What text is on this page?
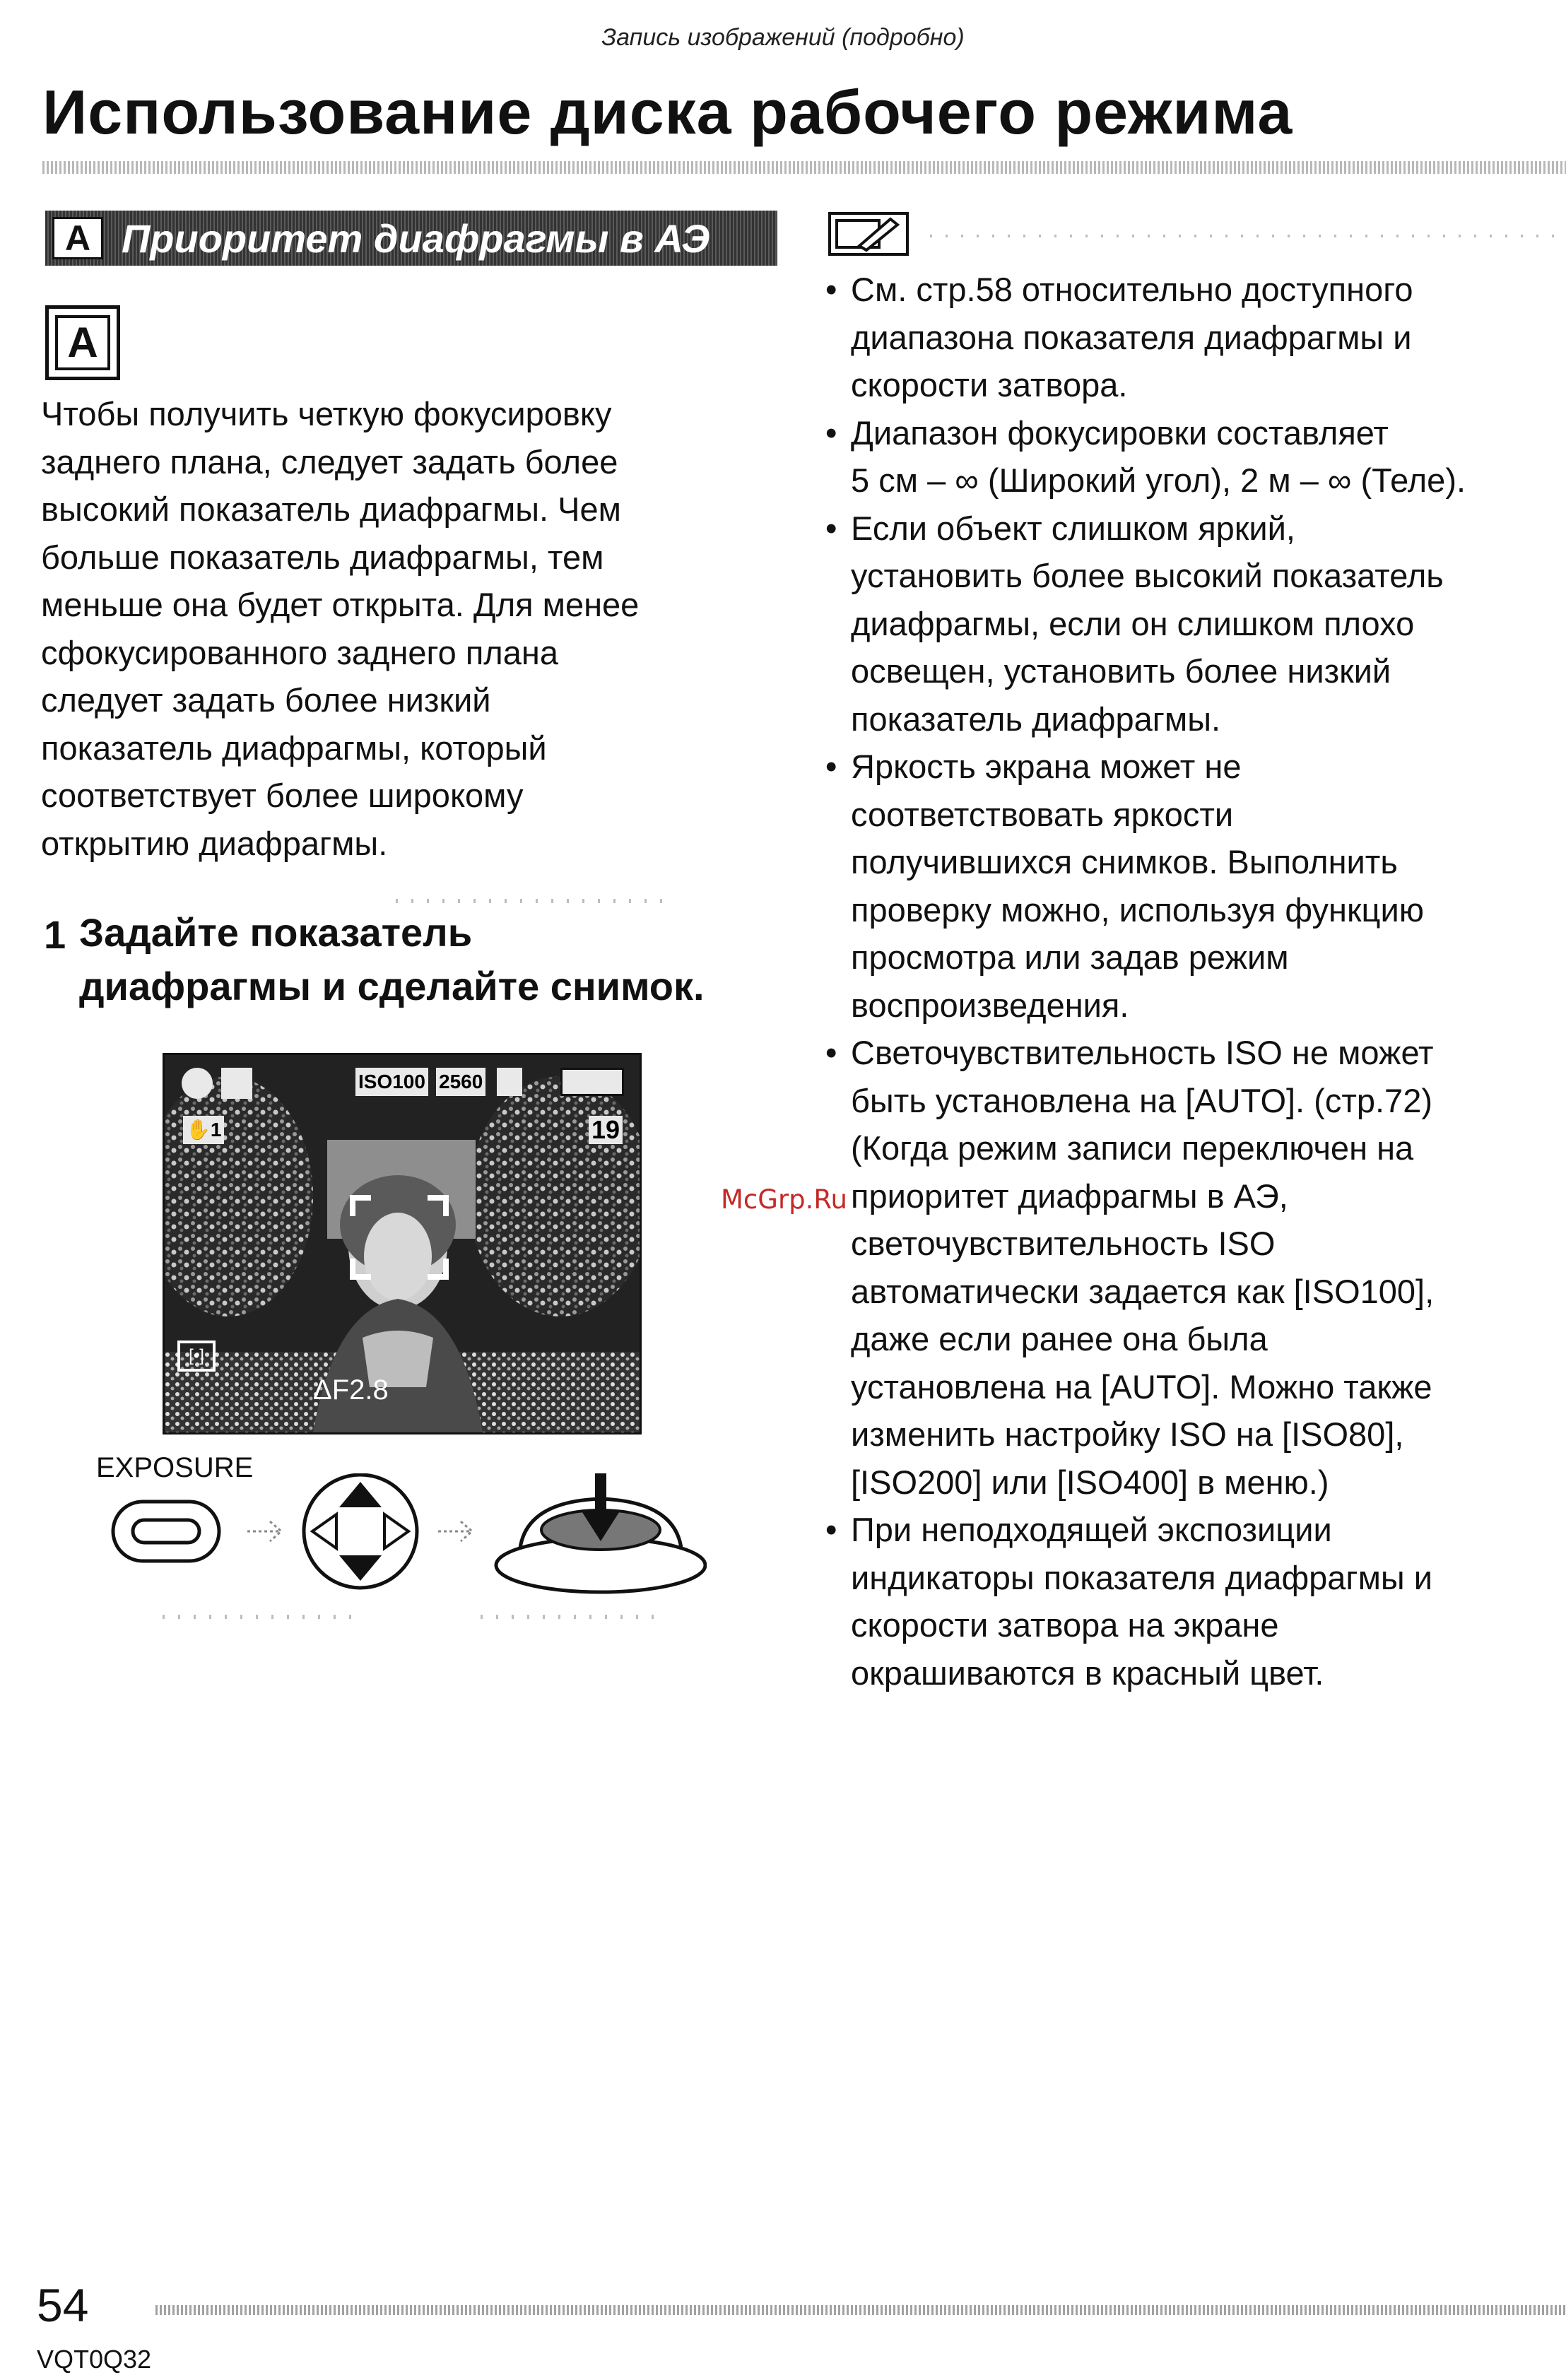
Запись изображений (подробно)
Использование диска рабочего режима
A Приоритет диафрагмы в АЭ
A
Чтобы получить четкую фокусировку
заднего плана, следует задать более
высокий показатель диафрагмы. Чем
больше показатель диафрагмы, тем
меньше она будет открыта. Для менее
сфокусированного заднего плана
следует задать более низкий
показатель диафрагмы, который
соответствует более широкому
открытию диафрагмы.
1 Задайте показатель
диафрагмы и сделайте снимок.
ISO100 2560
✋1	19
[•]
ΔF2.8
EXPOSURE
• См. стр.58 относительно доступного
диапазона показателя диафрагмы и
скорости затвора.
• Диапазон фокусировки составляет
5 см – ∞ (Широкий угол), 2 м – ∞ (Теле).
• Если объект слишком яркий,
установить более высокий показатель
диафрагмы, если он слишком плохо
освещен, установить более низкий
показатель диафрагмы.
• Яркость экрана может не
соответствовать яркости
получившихся снимков. Выполнить
проверку можно, используя функцию
просмотра или задав режим
воспроизведения.
• Светочувствительность ISO не может
быть установлена на [AUTO]. (стр.72)
(Когда режим записи переключен на
приоритет диафрагмы в АЭ,
светочувствительность ISO
автоматически задается как [ISO100],
даже если ранее она была
установлена на [AUTO]. Можно также
изменить настройку ISO на [ISO80],
[ISO200] или [ISO400] в меню.)
• При неподходящей экспозиции
индикаторы показателя диафрагмы и
скорости затвора на экране
окрашиваются в красный цвет.
McGrp.Ru
54
VQT0Q32
